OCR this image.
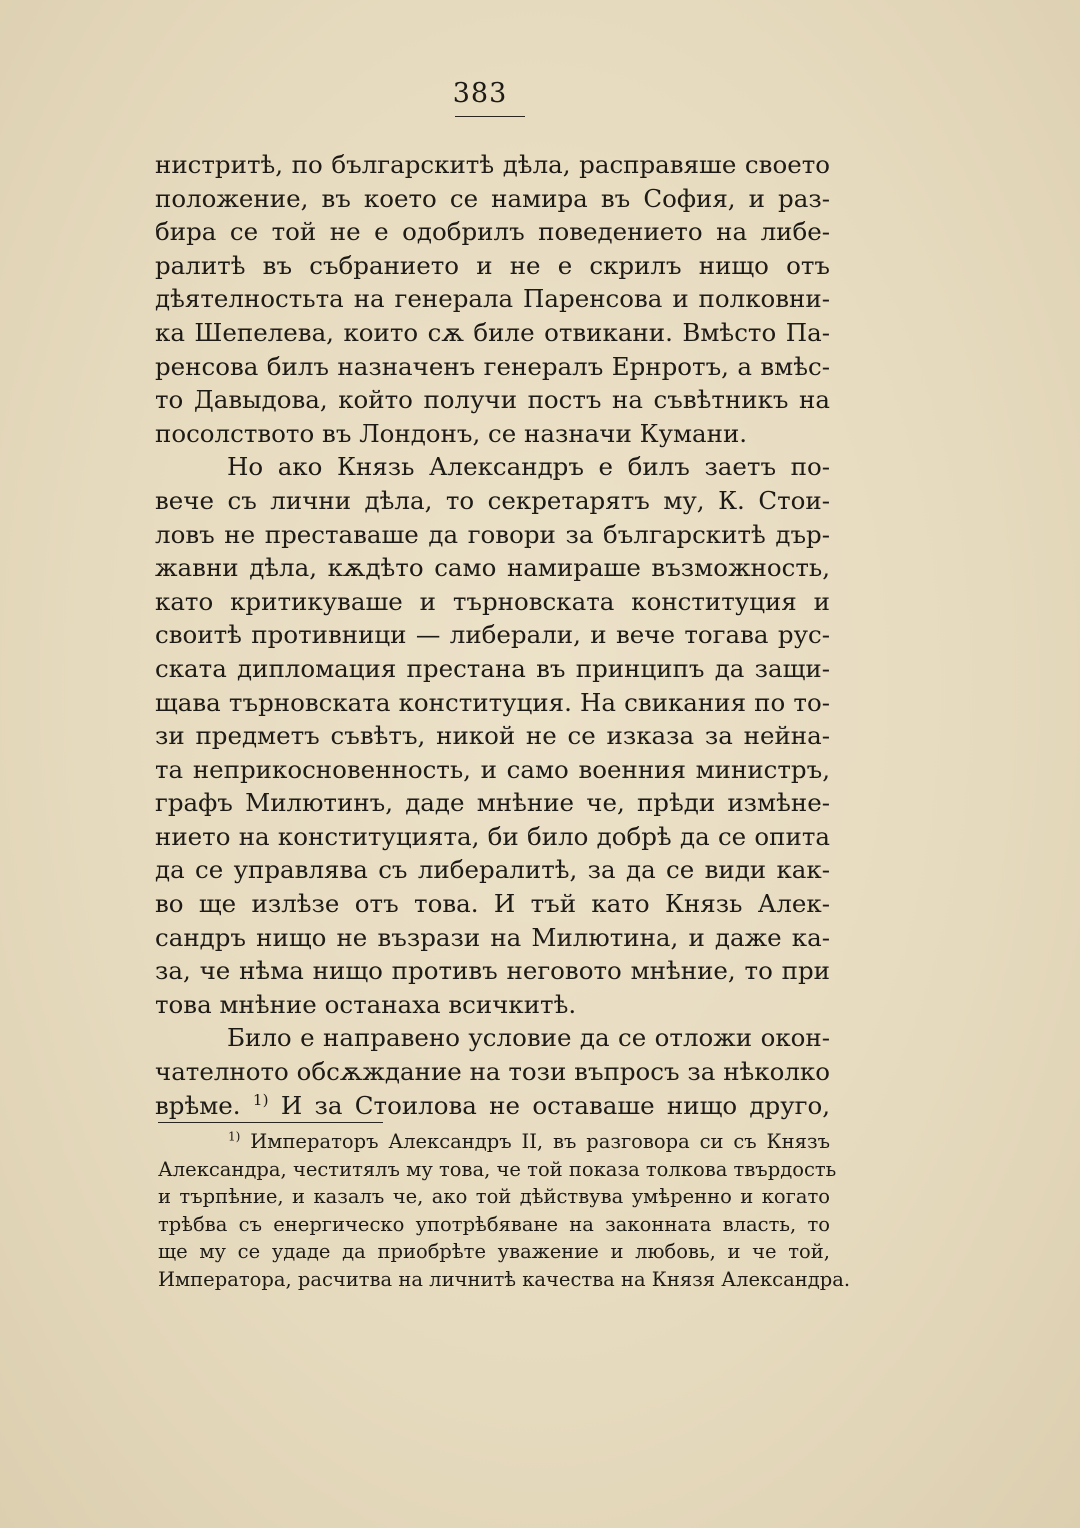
383
нистритѣ, по българскитѣ дѣла, расправяше своето
положение, въ което се намира въ София, и раз-
бира се той не е одобрилъ поведението на либе-
ралитѣ въ събранието и не е скрилъ нищо отъ
дѣятелностьта на генерала Паренсова и полковни-
ка Шепелева, които сѫ биле отвикани. Вмѣсто Па-
ренсова билъ назначенъ генералъ Ернротъ, а вмѣс-
то Давыдова, който получи постъ на съвѣтникъ на
посолството въ Лондонъ, се назначи Кумани.
Но ако Князь Александръ е билъ заетъ по-
вече съ лични дѣла, то секретарятъ му, К. Стои-
ловъ не преставаше да говори за българскитѣ дър-
жавни дѣла, кѫдѣто само намираше възможность,
като критикуваше и търновската конституция и
своитѣ противници — либерали, и вече тогава рус-
ската дипломация престана въ принципъ да защи-
щава търновската конституция. На свикания по то-
зи предметъ съвѣтъ, никой не се изказа за нейна-
та неприкосновенность, и само военния министръ,
графъ Милютинъ, даде мнѣние че, прѣди измѣне-
нието на конституцията, би било добрѣ да се опита
да се управлява съ либералитѣ, за да се види как-
во ще излѣзе отъ това. И тъй като Князь Алек-
сандръ нищо не възрази на Милютина, и даже ка-
за, че нѣма нищо противъ неговото мнѣние, то при
това мнѣние останаха всичкитѣ.
Било е направено условие да се отложи окон-
чателното обсѫждание на този въпросъ за нѣколко
врѣме. $^{1)}$ И за Стоилова не оставаше нищо друго,
$^{1)}$ Императоръ Александръ II, въ разговора си съ Князъ
Александра, честитялъ му това, че той показа толкова твърдость
и търпѣние, и казалъ че, ако той дѣйствува умѣренно и когато
трѣбва съ енергическо употрѣбяване на законната власть, то
ще му се удаде да приобрѣте уважение и любовь, и че той,
Императора, расчитва на личнитѣ качества на Князя Александра.
